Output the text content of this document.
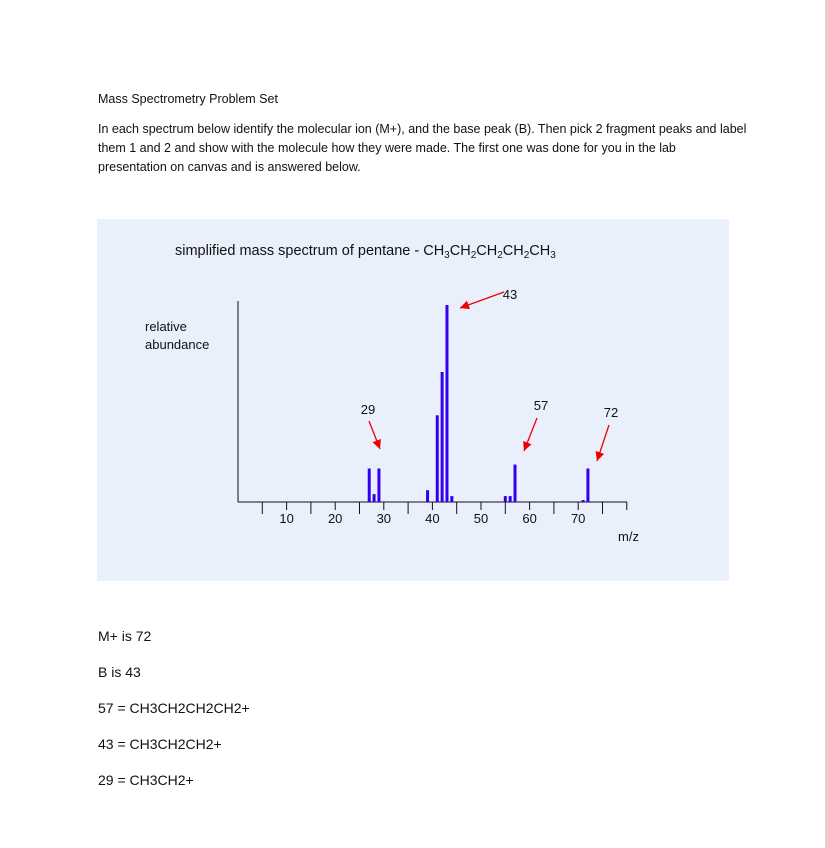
Mass Spectrometry Problem Set
In each spectrum below identify the molecular ion (M+), and the base peak (B). Then pick 2 fragment peaks and label them 1 and 2 and show with the molecule how they were made. The first one was done for you in the lab presentation on canvas and is answered below.
10	20	30	40	50	60	70
m/z
43
29	57	72
simplified mass spectrum of pentane - $CH_3CH_2CH_2CH_2CH_3$
relative
abundance
M+ is 72
B is 43
57 = CH3CH2CH2CH2+
43 = CH3CH2CH2+
29 = CH3CH2+
